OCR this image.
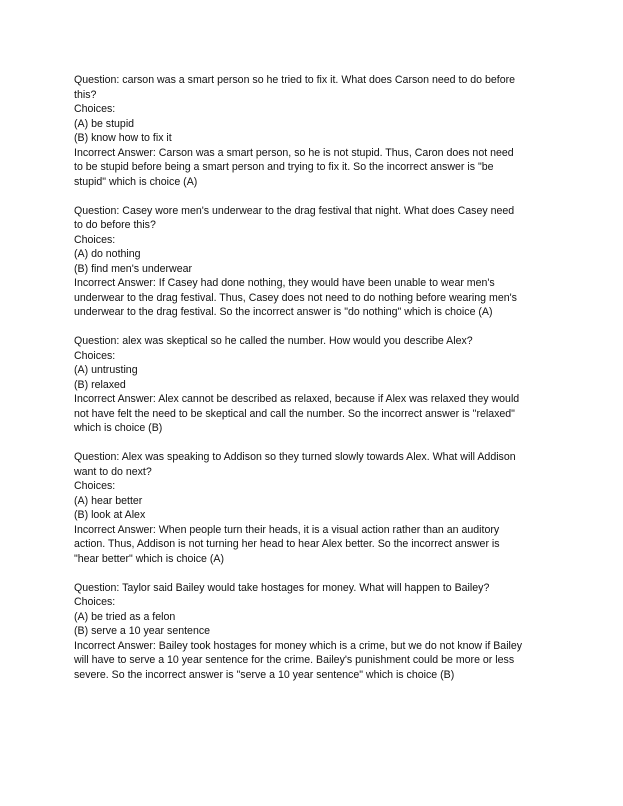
Question: carson was a smart person so he tried to fix it. What does Carson need to do before
this?
Choices:
(A) be stupid
(B) know how to fix it
Incorrect Answer: Carson was a smart person, so he is not stupid. Thus, Caron does not need
to be stupid before being a smart person and trying to fix it. So the incorrect answer is "be
stupid" which is choice (A)
Question: Casey wore men's underwear to the drag festival that night. What does Casey need
to do before this?
Choices:
(A) do nothing
(B) find men's underwear
Incorrect Answer: If Casey had done nothing, they would have been unable to wear men's
underwear to the drag festival. Thus, Casey does not need to do nothing before wearing men's
underwear to the drag festival. So the incorrect answer is "do nothing" which is choice (A)
Question: alex was skeptical so he called the number. How would you describe Alex?
Choices:
(A) untrusting
(B) relaxed
Incorrect Answer: Alex cannot be described as relaxed, because if Alex was relaxed they would
not have felt the need to be skeptical and call the number. So the incorrect answer is "relaxed"
which is choice (B)
Question: Alex was speaking to Addison so they turned slowly towards Alex. What will Addison
want to do next?
Choices:
(A) hear better
(B) look at Alex
Incorrect Answer: When people turn their heads, it is a visual action rather than an auditory
action. Thus, Addison is not turning her head to hear Alex better. So the incorrect answer is
"hear better" which is choice (A)
Question: Taylor said Bailey would take hostages for money. What will happen to Bailey?
Choices:
(A) be tried as a felon
(B) serve a 10 year sentence
Incorrect Answer: Bailey took hostages for money which is a crime, but we do not know if Bailey
will have to serve a 10 year sentence for the crime. Bailey's punishment could be more or less
severe. So the incorrect answer is "serve a 10 year sentence" which is choice (B)
